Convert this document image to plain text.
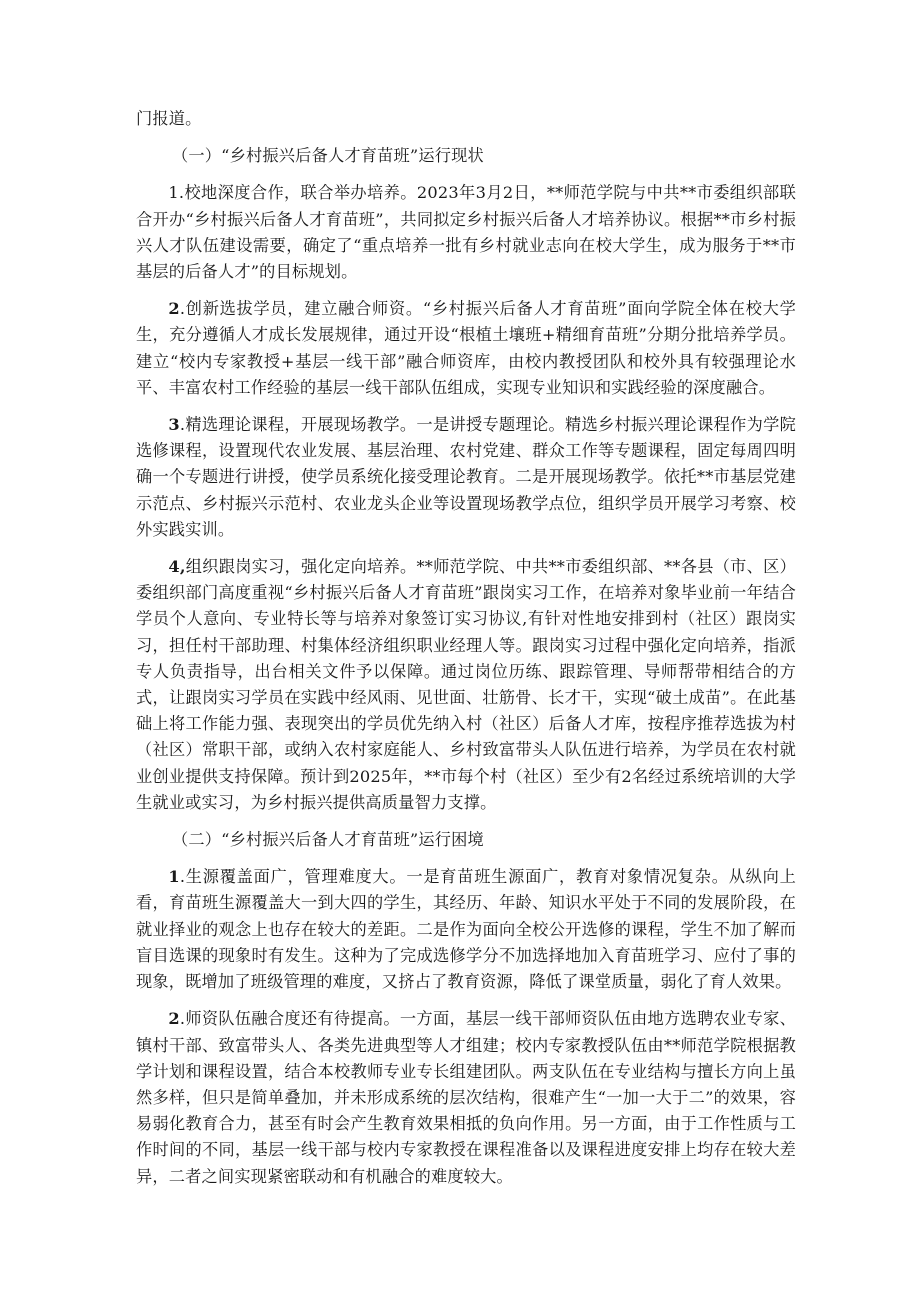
门报道。

（一）“乡村振兴后备人才育苗班”运行现状

1.校地深度合作，联合举办培养。2023年3月2日，**师范学院与中共**市委组织部联合开办“乡村振兴后备人才育苗班”，共同拟定乡村振兴后备人才培养协议。根据**市乡村振兴人才队伍建设需要，确定了“重点培养一批有乡村就业志向在校大学生，成为服务于**市基层的后备人才”的目标规划。

2.创新选拔学员，建立融合师资。“乡村振兴后备人才育苗班”面向学院全体在校大学生，充分遵循人才成长发展规律，通过开设“根植土壤班+精细育苗班”分期分批培养学员。建立“校内专家教授+基层一线干部”融合师资库，由校内教授团队和校外具有较强理论水平、丰富农村工作经验的基层一线干部队伍组成，实现专业知识和实践经验的深度融合。

3.精选理论课程，开展现场教学。一是讲授专题理论。精选乡村振兴理论课程作为学院选修课程，设置现代农业发展、基层治理、农村党建、群众工作等专题课程，固定每周四明确一个专题进行讲授，使学员系统化接受理论教育。二是开展现场教学。依托**市基层党建示范点、乡村振兴示范村、农业龙头企业等设置现场教学点位，组织学员开展学习考察、校外实践实训。

4,组织跟岗实习，强化定向培养。**师范学院、中共**市委组织部、**各县（市、区）委组织部门高度重视“乡村振兴后备人才育苗班”跟岗实习工作，在培养对象毕业前一年结合学员个人意向、专业特长等与培养对象签订实习协议,有针对性地安排到村（社区）跟岗实习，担任村干部助理、村集体经济组织职业经理人等。跟岗实习过程中强化定向培养，指派专人负责指导，出台相关文件予以保障。通过岗位历练、跟踪管理、导师帮带相结合的方式，让跟岗实习学员在实践中经风雨、见世面、壮筋骨、长才干，实现“破土成苗”。在此基础上将工作能力强、表现突出的学员优先纳入村（社区）后备人才库，按程序推荐选拔为村（社区）常职干部，或纳入农村家庭能人、乡村致富带头人队伍进行培养，为学员在农村就业创业提供支持保障。预计到2025年，**市每个村（社区）至少有2名经过系统培训的大学生就业或实习，为乡村振兴提供高质量智力支撑。

（二）“乡村振兴后备人才育苗班”运行困境

1.生源覆盖面广，管理难度大。一是育苗班生源面广，教育对象情况复杂。从纵向上看，育苗班生源覆盖大一到大四的学生，其经历、年龄、知识水平处于不同的发展阶段，在就业择业的观念上也存在较大的差距。二是作为面向全校公开选修的课程，学生不加了解而盲目选课的现象时有发生。这种为了完成选修学分不加选择地加入育苗班学习、应付了事的现象，既增加了班级管理的难度，又挤占了教育资源，降低了课堂质量，弱化了育人效果。

2.师资队伍融合度还有待提高。一方面，基层一线干部师资队伍由地方选聘农业专家、镇村干部、致富带头人、各类先进典型等人才组建；校内专家教授队伍由**师范学院根据教学计划和课程设置，结合本校教师专业专长组建团队。两支队伍在专业结构与擅长方向上虽然多样，但只是简单叠加，并未形成系统的层次结构，很难产生“一加一大于二”的效果，容易弱化教育合力，甚至有时会产生教育效果相抵的负向作用。另一方面，由于工作性质与工作时间的不同，基层一线干部与校内专家教授在课程准备以及课程进度安排上均存在较大差异，二者之间实现紧密联动和有机融合的难度较大。
